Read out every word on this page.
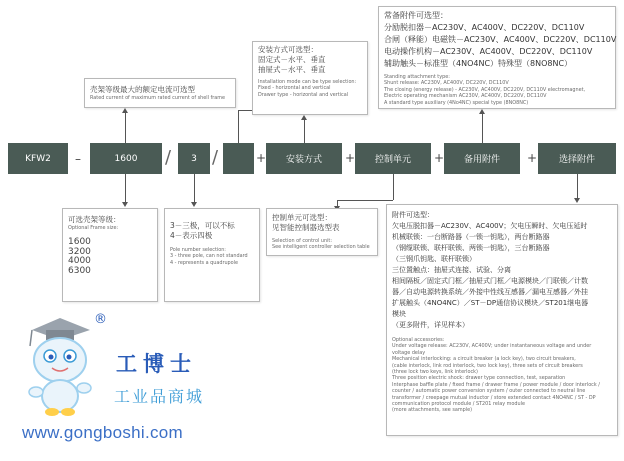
KFW2 –	1600 / 3 /	+ 安装方式 + 控制单元 + 备用附件 + 选择附件
壳架等级最大的额定电流可选型
Rated current of maximum rated current of shell frame
安装方式可选型：
固定式－水平、垂直
抽屉式－水平、垂直
Installation mode can be type selection:
Fixed - horizontal and vertical
Drawer type - horizontal and vertical
常备附件可选型：
分励脱扣器－AC230V、AC400V、DC220V、DC110V
合闸（释能）电磁铁－AC230V、AC400V、DC220V、DC110V
电动操作机构－AC230V、AC400V、DC220V、DC110V
辅助触头－标准型（4NO4NC）特殊型（8NO8NC）
Standing attachment type:
Shunt release: AC230V, AC400V, DC220V, DC110V
The closing (energy release) - AC230V, AC400V, DC220V, DC110V electromagnet,
Electric operating mechanism AC230V, AC400V, DC220V, DC110V
A standard type auxiliary (4No4NC) special type (8NO8NC)
可选壳架等级：
Optional Frame size:
1600
3200
4000
6300
3－三极，可以不标
4－表示四极
Pole number selection:
3 - three pole, can not standard
4 - represents a quadrupole
控制单元可选型：
见智能控制器选型表
Selection of control unit:
See intelligent controller selection table
附件可选型：
欠电压脱扣器－AC230V、AC400V；欠电压瞬时、欠电压延时
机械联锁：一台断路器（一锁一钥匙），两台断路器
（钢缆联锁、联杆联锁、两锁一钥匙），三台断路器
（三钢爪钥匙、联杆联锁）
三位置触点：抽屉式连接、试验、分离
相间隔板／固定式门框／抽屉式门框／电源模块／门联锁／计数
器／自动电源转换系统／外接中性线互感器／漏电互感器／外挂
扩展触头（4NO4NC）／ST－DP通信协议模块／ST201继电器
模块
（更多附件，详见样本）
Optional accessories:
Under voltage release: AC230V, AC400V; under instantaneous voltage and under
voltage delay
Mechanical interlocking: a circuit breaker (a lock key), two circuit breakers,
(cable interlock, link rod interlock, two lock key), three sets of circuit breakers
(three lock two keys, link interlock)
Three position electric shock: drawer type connection, test, separation
Interphase baffle plate / fixed frame / drawer frame / power module / door interlock /
counter / automatic power conversion system / outer connected to neutral line
transformer / creepage mutual inductor / store extended contact 4NO4NC / ST - DP
communication protocol module / ST201 relay module
(more attachments, see sample)
®
工博士
工业品商城
www.gongboshi.com
